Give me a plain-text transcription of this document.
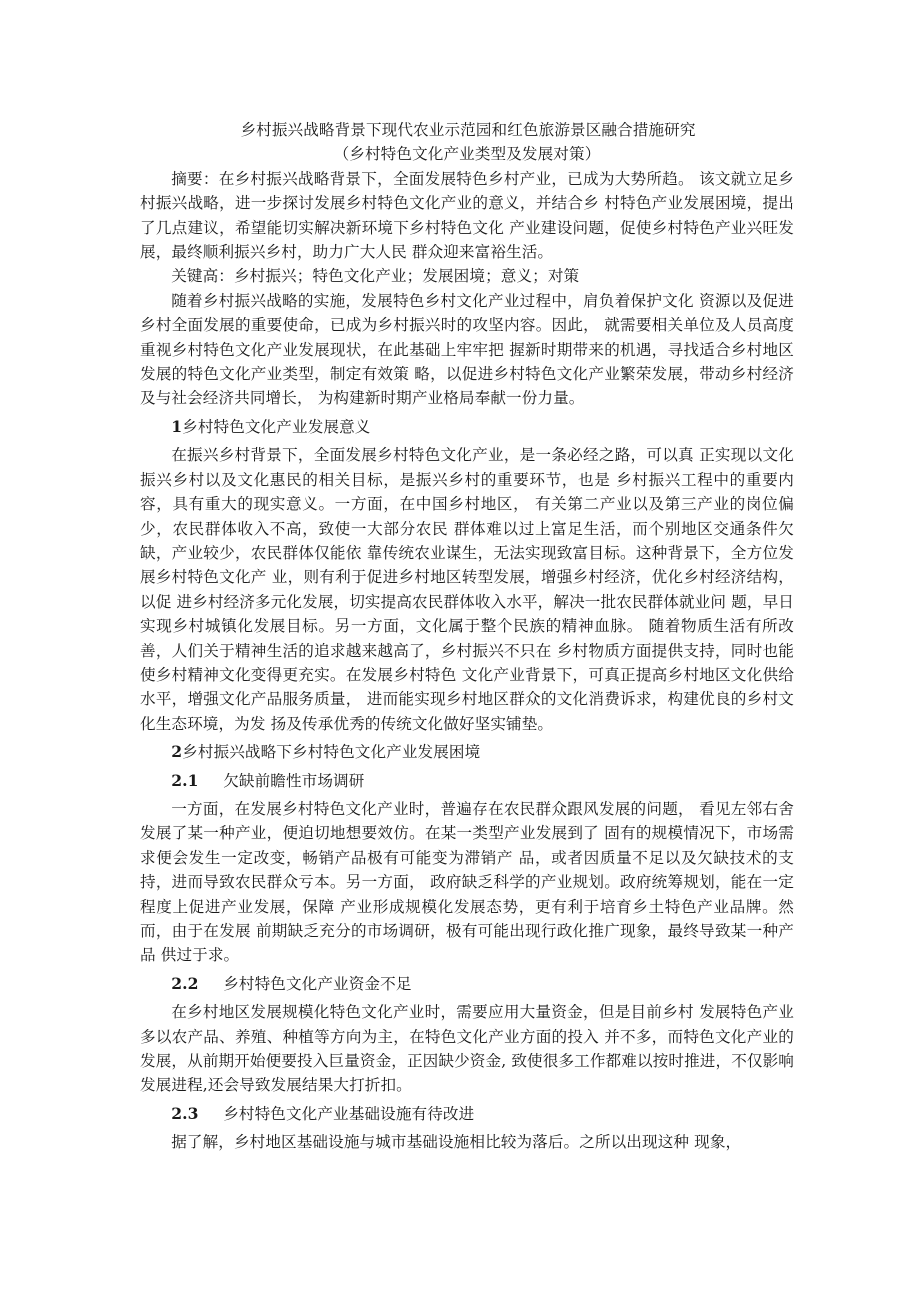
乡村振兴战略背景下现代农业示范园和红色旅游景区融合措施研究

（乡村特色文化产业类型及发展对策）

摘要：在乡村振兴战略背景下，全面发展特色乡村产业，已成为大势所趋。 该文就立足乡村振兴战略，进一步探讨发展乡村特色文化产业的意义，并结合乡 村特色产业发展困境，提出了几点建议，希望能切实解决新环境下乡村特色文化 产业建设问题，促使乡村特色产业兴旺发展，最终顺利振兴乡村，助力广大人民 群众迎来富裕生活。

关键高：乡村振兴；特色文化产业；发展困境；意义；对策

随着乡村振兴战略的实施，发展特色乡村文化产业过程中，肩负着保护文化 资源以及促进乡村全面发展的重要使命，已成为乡村振兴时的攻坚内容。因此， 就需要相关单位及人员高度重视乡村特色文化产业发展现状，在此基础上牢牢把 握新时期带来的机遇，寻找适合乡村地区发展的特色文化产业类型，制定有效策 略，以促进乡村特色文化产业繁荣发展，带动乡村经济及与社会经济共同增长， 为构建新时期产业格局奉献一份力量。

1乡村特色文化产业发展意义

在振兴乡村背景下，全面发展乡村特色文化产业，是一条必经之路，可以真 正实现以文化振兴乡村以及文化惠民的相关目标，是振兴乡村的重要环节，也是 乡村振兴工程中的重要内容，具有重大的现实意义。一方面，在中国乡村地区， 有关第二产业以及第三产业的岗位偏少，农民群体收入不高，致使一大部分农民 群体难以过上富足生活，而个别地区交通条件欠缺，产业较少，农民群体仅能依 靠传统农业谋生，无法实现致富目标。这种背景下，全方位发展乡村特色文化产 业，则有利于促进乡村地区转型发展，增强乡村经济，优化乡村经济结构，以促 进乡村经济多元化发展，切实提高农民群体收入水平，解决一批农民群体就业问 题，早日实现乡村城镇化发展目标。另一方面，文化属于整个民族的精神血脉。 随着物质生活有所改善，人们关于精神生活的追求越来越高了，乡村振兴不只在 乡村物质方面提供支持，同时也能使乡村精神文化变得更充实。在发展乡村特色 文化产业背景下，可真正提高乡村地区文化供给水平，增强文化产品服务质量， 进而能实现乡村地区群众的文化消费诉求，构建优良的乡村文化生态环境，为发 扬及传承优秀的传统文化做好坚实铺垫。

2乡村振兴战略下乡村特色文化产业发展困境
2.1 欠缺前瞻性市场调研

一方面，在发展乡村特色文化产业时，普遍存在农民群众跟风发展的问题， 看见左邻右舍发展了某一种产业，便迫切地想要效仿。在某一类型产业发展到了 固有的规模情况下，市场需求便会发生一定改变，畅销产品极有可能变为滞销产 品，或者因质量不足以及欠缺技术的支持，进而导致农民群众亏本。另一方面， 政府缺乏科学的产业规划。政府统筹规划，能在一定程度上促进产业发展，保障 产业形成规模化发展态势，更有利于培育乡土特色产业品牌。然而，由于在发展 前期缺乏充分的市场调研，极有可能出现行政化推广现象，最终导致某一种产品 供过于求。

2.2 乡村特色文化产业资金不足

在乡村地区发展规模化特色文化产业时，需要应用大量资金，但是目前乡村 发展特色产业多以农产品、养殖、种植等方向为主，在特色文化产业方面的投入 并不多，而特色文化产业的发展，从前期开始便要投入巨量资金，正因缺少资金, 致使很多工作都难以按时推进，不仅影响发展进程,还会导致发展结果大打折扣。

2.3 乡村特色文化产业基础设施有待改进

据了解，乡村地区基础设施与城市基础设施相比较为落后。之所以出现这种 现象，
